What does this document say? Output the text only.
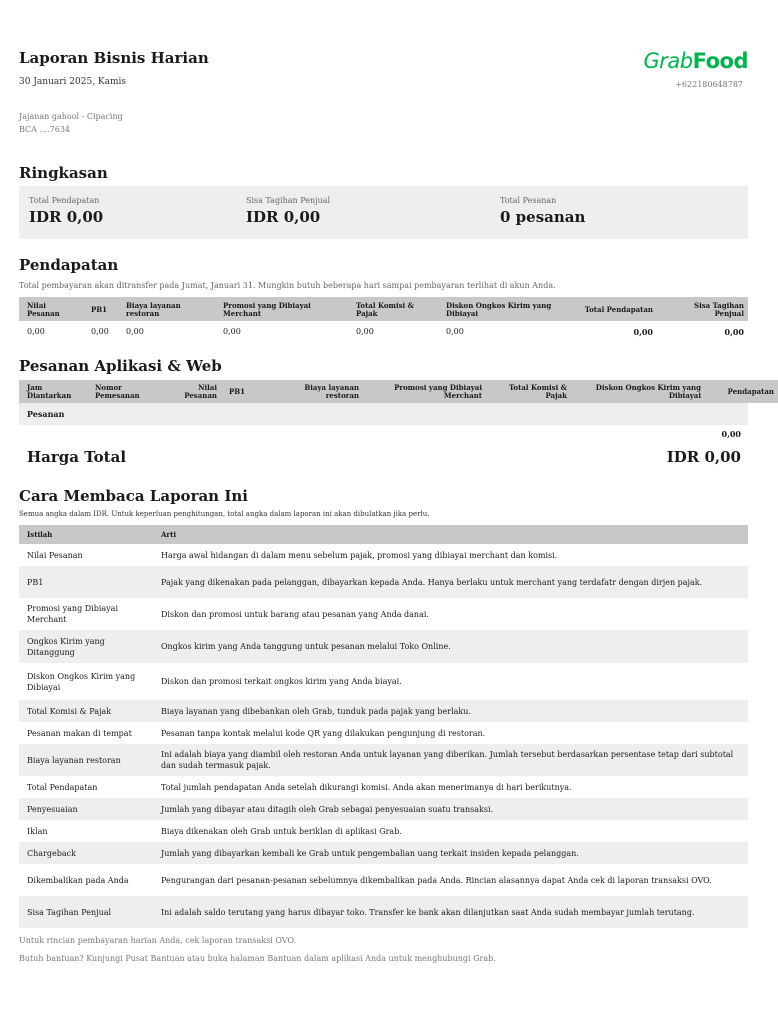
Laporan Bisnis Harian
30 Januari 2025, Kamis
Jajanan gahool - Cipacing
BCA ....7634
GrabFood
+622180648787
Ringkasan
Total Pendapatan
IDR 0,00
Sisa Tagihan Penjual
IDR 0,00
Total Pesanan
0 pesanan
Pendapatan
Total pembayaran akan ditransfer pada Jumat, Januari 31. Mungkin butuh beberapa hari sampai pembayaran terlihat di akun Anda.
Nilai Pesanan	PB1	Biaya layanan restoran	Promosi yang Dibiayai Merchant	Total Komisi & Pajak	Diskon Ongkos Kirim yang Dibiayai	Total Pendapatan	Sisa Tagihan Penjual
0,00	0,00	0,00	0,00	0,00	0,00	0,00	0,00
Pesanan Aplikasi & Web
Jam Diantarkan	Nomor Pemesanan	Nilai Pesanan	PB1	Biaya layanan restoran	Promosi yang Dibiayai Merchant	Total Komisi & Pajak	Diskon Ongkos Kirim yang Dibiayai	Pendapatan
Pesanan
0,00
Harga Total	IDR 0,00
Cara Membaca Laporan Ini
Semua angka dalam IDR. Untuk keperluan penghitungan, total angka dalam laporan ini akan dibulatkan jika perlu.
Istilah	Arti
Nilai Pesanan	Harga awal hidangan di dalam menu sebelum pajak, promosi yang dibiayai merchant dan komisi.
PB1	Pajak yang dikenakan pada pelanggan, dibayarkan kepada Anda. Hanya berlaku untuk merchant yang terdafatr dengan dirjen pajak.
Promosi yang Dibiayai Merchant	Diskon dan promosi untuk barang atau pesanan yang Anda danai.
Ongkos Kirim yang Ditanggung	Ongkos kirim yang Anda tanggung untuk pesanan melalui Toko Online.
Diskon Ongkos Kirim yang Dibiayai	Diskon dan promosi terkait ongkos kirim yang Anda biayai.
Total Komisi & Pajak	Biaya layanan yang dibebankan oleh Grab, tunduk pada pajak yang berlaku.
Pesanan makan di tempat	Pesanan tanpa kontak melalui kode QR yang dilakukan pengunjung di restoran.
Biaya layanan restoran	Ini adalah biaya yang diambil oleh restoran Anda untuk layanan yang diberikan. Jumlah tersebut berdasarkan persentase tetap dari subtotal dan sudah termasuk pajak.
Total Pendapatan	Total jumlah pendapatan Anda setelah dikurangi komisi. Anda akan menerimanya di hari berikutnya.
Penyesuaian	Jumlah yang dibayar atau ditagih oleh Grab sebagai penyesuaian suatu transaksi.
Iklan	Biaya dikenakan oleh Grab untuk beriklan di aplikasi Grab.
Chargeback	Jumlah yang dibayarkan kembali ke Grab untuk pengembalian uang terkait insiden kepada pelanggan.
Dikembalikan pada Anda	Pengurangan dari pesanan-pesanan sebelumnya dikembalikan pada Anda. Rincian alasannya dapat Anda cek di laporan transaksi OVO.
Sisa Tagihan Penjual	Ini adalah saldo terutang yang harus dibayar toko. Transfer ke bank akan dilanjutkan saat Anda sudah membayar jumlah terutang.
Untuk rincian pembayaran harian Anda, cek laporan transaksi OVO.
Butuh bantuan? Kunjungi Pusat Bantuan atau buka halaman Bantuan dalam aplikasi Anda untuk menghubungi Grab.
